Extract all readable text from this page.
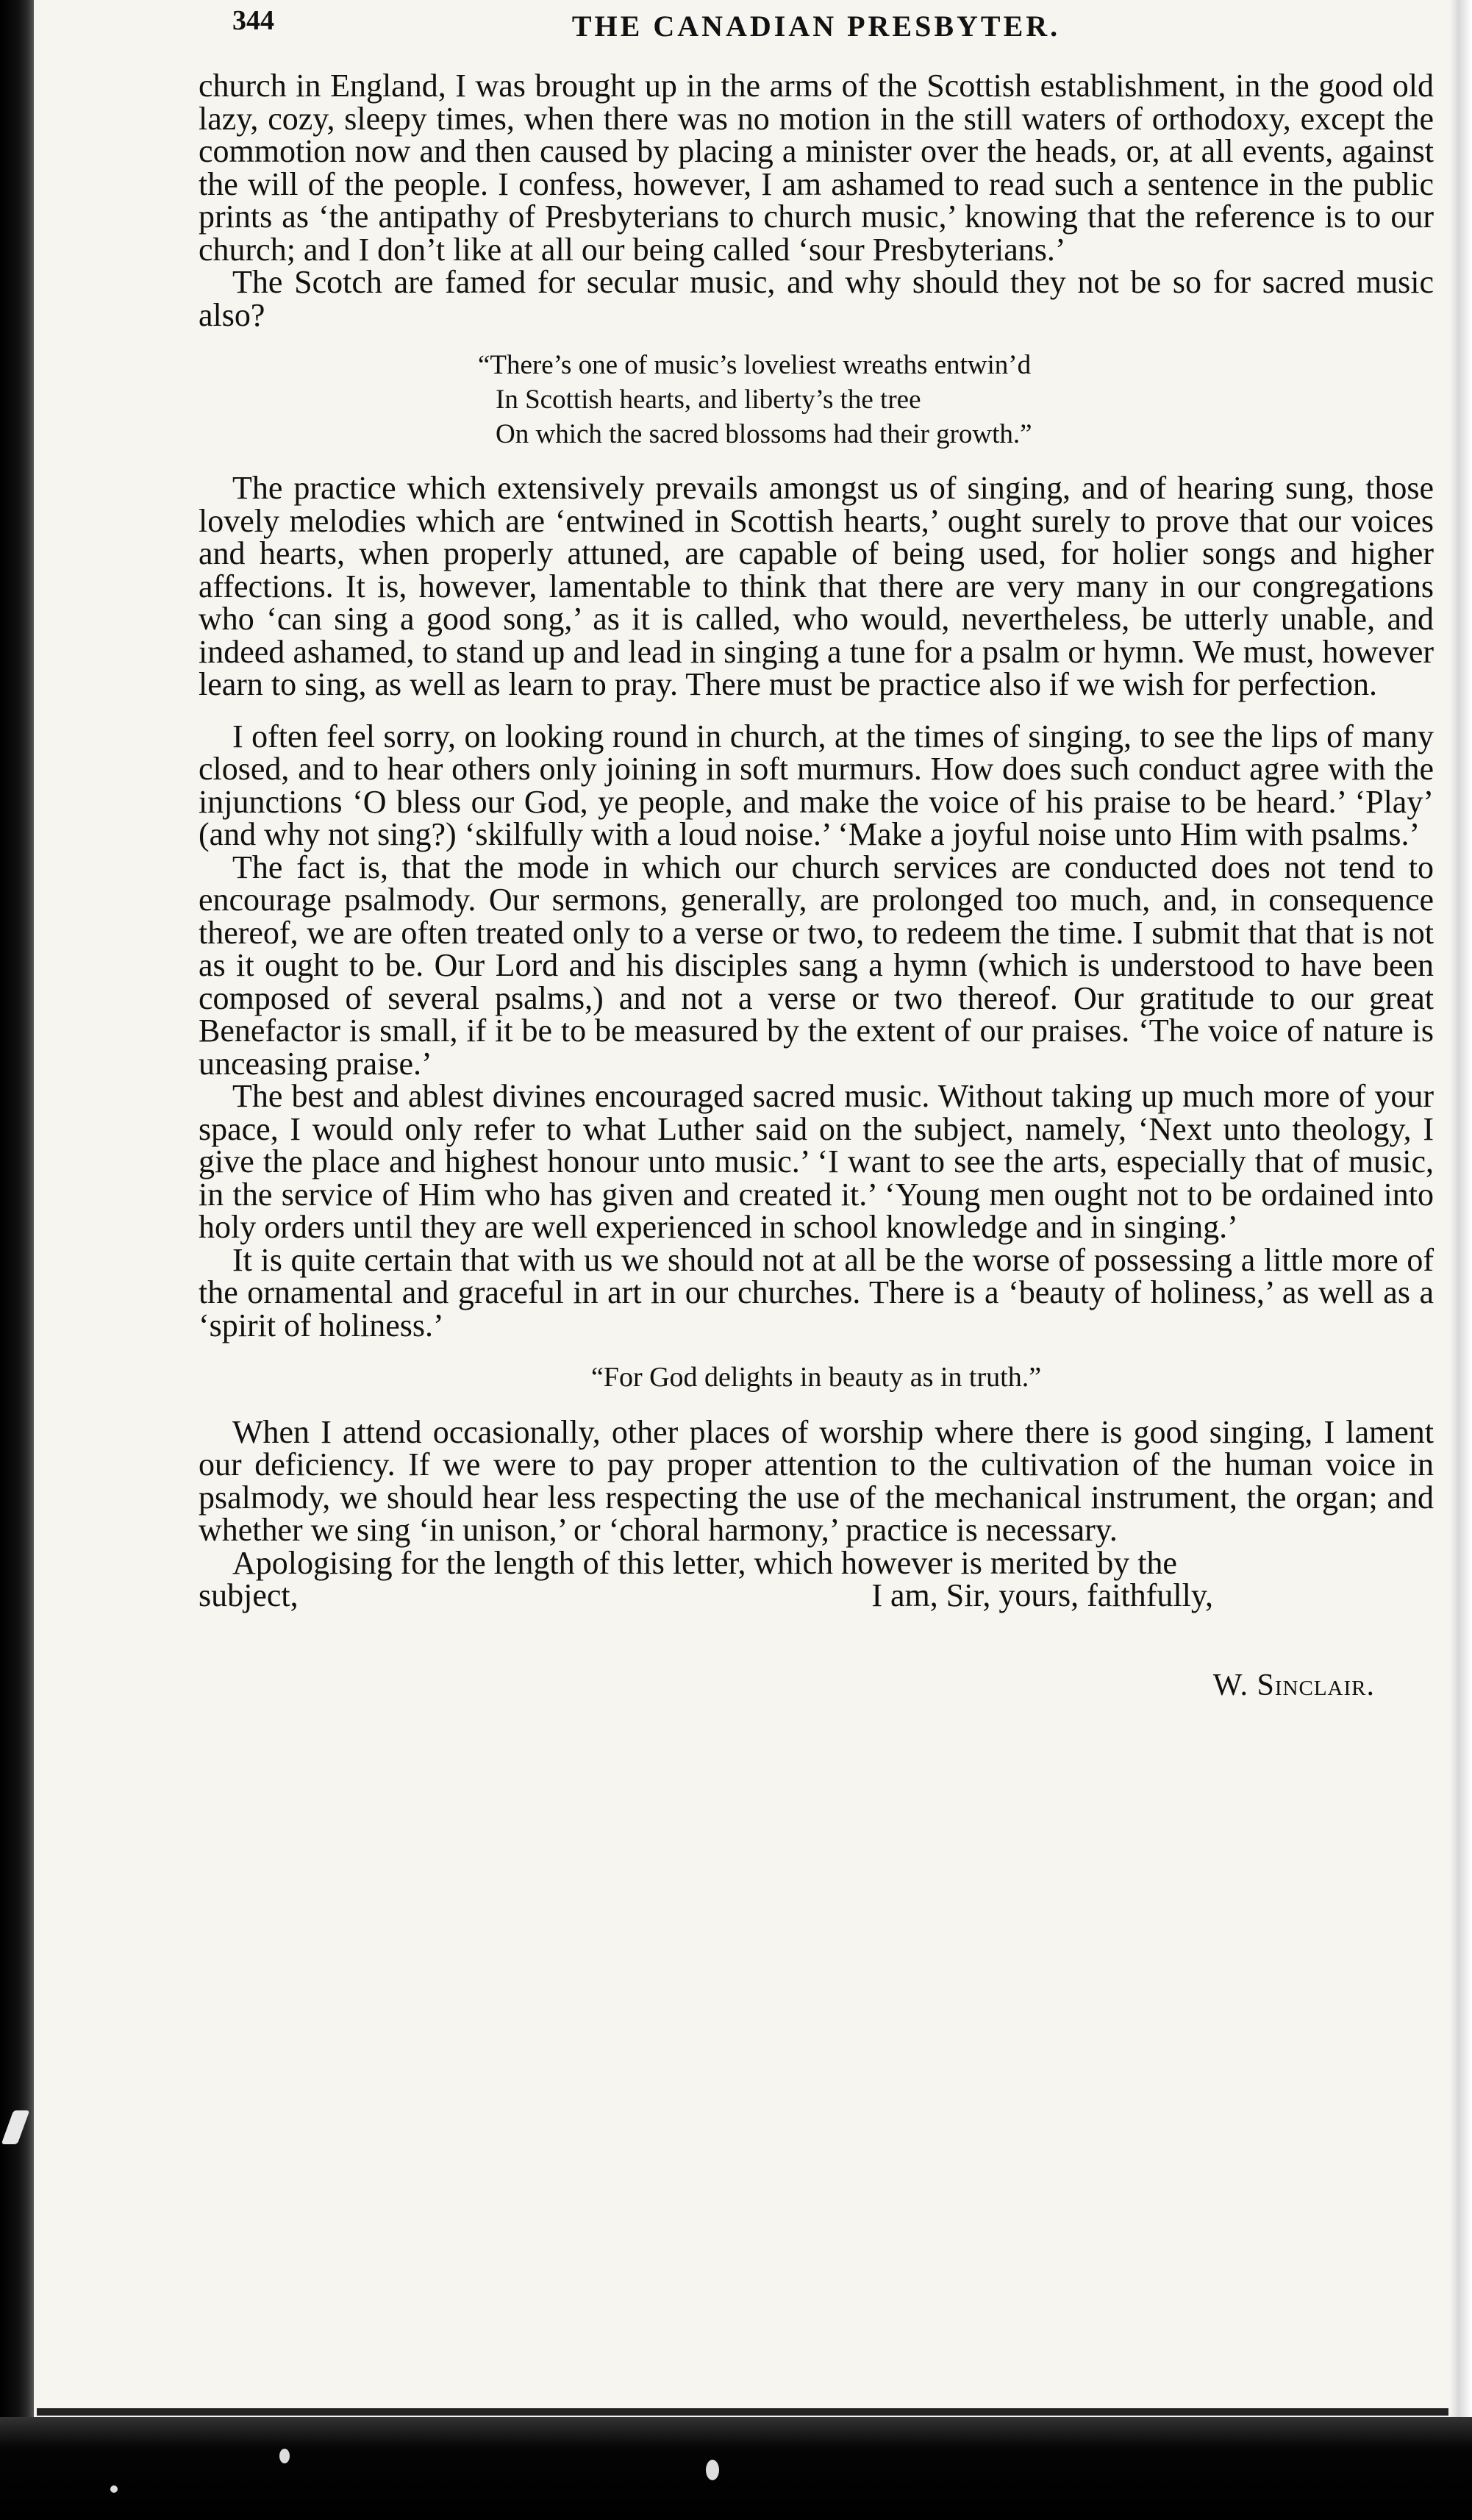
344	THE CANADIAN PRESBYTER.

church in England, I was brought up in the arms of the Scottish establishment, in the good old lazy, cozy, sleepy times, when there was no motion in the still waters of orthodoxy, except the commotion now and then caused by placing a minister over the heads, or, at all events, against the will of the people. I confess, however, I am ashamed to read such a sentence in the public prints as ‘the antipathy of Presbyterians to church music,’ knowing that the reference is to our church; and I don’t like at all our being called ‘sour Presbyterians.’

The Scotch are famed for secular music, and why should they not be so for sacred music also?

“There’s one of music’s loveliest wreaths entwin’d
In Scottish hearts, and liberty’s the tree
On which the sacred blossoms had their growth.”

The practice which extensively prevails amongst us of singing, and of hearing sung, those lovely melodies which are ‘entwined in Scottish hearts,’ ought surely to prove that our voices and hearts, when properly attuned, are capable of being used, for holier songs and higher affections. It is, however, lamentable to think that there are very many in our congregations who ‘can sing a good song,’ as it is called, who would, nevertheless, be utterly unable, and indeed ashamed, to stand up and lead in singing a tune for a psalm or hymn. We must, however learn to sing, as well as learn to pray. There must be practice also if we wish for perfection.

I often feel sorry, on looking round in church, at the times of singing, to see the lips of many closed, and to hear others only joining in soft murmurs. How does such conduct agree with the injunctions ‘O bless our God, ye people, and make the voice of his praise to be heard.’ ‘Play’ (and why not sing?) ‘skilfully with a loud noise.’ ‘Make a joyful noise unto Him with psalms.’

The fact is, that the mode in which our church services are conducted does not tend to encourage psalmody. Our sermons, generally, are prolonged too much, and, in consequence thereof, we are often treated only to a verse or two, to redeem the time. I submit that that is not as it ought to be. Our Lord and his disciples sang a hymn (which is understood to have been composed of several psalms,) and not a verse or two thereof. Our gratitude to our great Benefactor is small, if it be to be measured by the extent of our praises. ‘The voice of nature is unceasing praise.’

The best and ablest divines encouraged sacred music. Without taking up much more of your space, I would only refer to what Luther said on the subject, namely, ‘Next unto theology, I give the place and highest honour unto music.’ ‘I want to see the arts, especially that of music, in the service of Him who has given and created it.’ ‘Young men ought not to be ordained into holy orders until they are well experienced in school knowledge and in singing.’

It is quite certain that with us we should not at all be the worse of possessing a little more of the ornamental and graceful in art in our churches. There is a ‘beauty of holiness,’ as well as a ‘spirit of holiness.’

“For God delights in beauty as in truth.”

When I attend occasionally, other places of worship where there is good singing, I lament our deficiency. If we were to pay proper attention to the cultivation of the human voice in psalmody, we should hear less respecting the use of the mechanical instrument, the organ; and whether we sing ‘in unison,’ or ‘choral harmony,’ practice is necessary.

Apologising for the length of this letter, which however is merited by the

subject,	I am, Sir, yours, faithfully,
W. Sinclair.
